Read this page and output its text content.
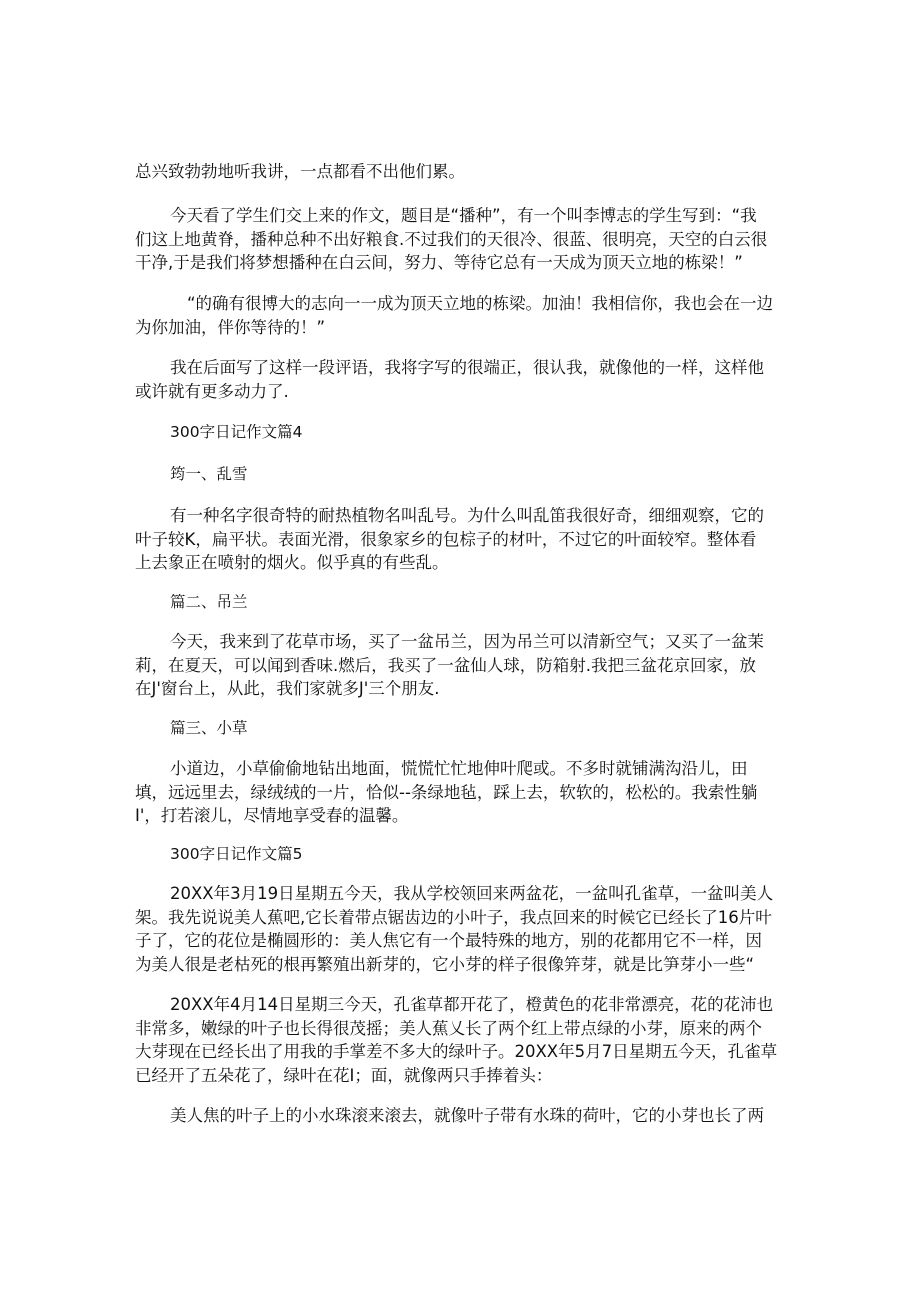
总兴致勃勃地听我讲，一点都看不出他们累。
今天看了学生们交上来的作文，题目是“播种”，有一个叫李博志的学生写到：“我
们这上地黄脊，播种总种不出好粮食.不过我们的天很冷、很蓝、很明亮，天空的白云很
干净,于是我们将梦想播种在白云间，努力、等待它总有一天成为顶天立地的栋梁！”
“的确有很博大的志向一一成为顶天立地的栋梁。加油！我相信你，我也会在一边
为你加油，伴你等待的！”
我在后面写了这样一段评语，我将字写的很端正，很认我，就像他的一样，这样他
或许就有更多动力了.
300字日记作文篇4
筠一、乱雪
有一种名字很奇特的耐热植物名叫乱号。为什么叫乱笛我很好奇，细细观察，它的
叶子较K，扁平状。表面光滑，很象家乡的包棕子的材叶，不过它的叶面较窄。整体看
上去象正在喷射的烟火。似乎真的有些乱。
篇二、吊兰
今天，我来到了花草市场，买了一盆吊兰，因为吊兰可以清新空气；又买了一盆茉
莉，在夏天，可以闻到香味.燃后，我买了一盆仙人球，防箱射.我把三盆花京回家，放
在J'窗台上，从此，我们家就多J'三个朋友.
篇三、小草
小道边，小草偷偷地钻出地面，慌慌忙忙地伸叶爬或。不多时就铺满沟沿儿，田
填，远远里去，绿绒绒的一片，恰似--条绿地毡，踩上去，软软的，松松的。我索性躺
I'，打若滚儿，尽情地享受春的温馨。
300字日记作文篇5
20XX年3月19日星期五今天，我从学校领回来两盆花，一盆叫孔雀草，一盆叫美人
架。我先说说美人蕉吧,它长着带点锯齿边的小叶子，我点回来的时候它已经长了16片叶
子了，它的花位是椭圆形的：美人焦它有一个最特殊的地方，别的花都用它不一样，因
为美人很是老枯死的根再繁殖出新芽的，它小芽的样子很像笄芽，就是比笋芽小一些“
20XX年4月14日星期三今天，孔雀草都开花了，橙黄色的花非常漂亮，花的花沛也
非常多，嫩绿的叶子也长得很茂摇；美人蕉乂长了两个红上带点绿的小芽，原来的两个
大芽现在已经长出了用我的手掌差不多大的绿叶子。20XX年5月7日星期五今天，孔雀草
已经开了五朵花了，绿叶在花I；面，就像两只手捧着头：
美人焦的叶子上的小水珠滚来滚去，就像叶子带有水珠的荷叶，它的小芽也长了两
